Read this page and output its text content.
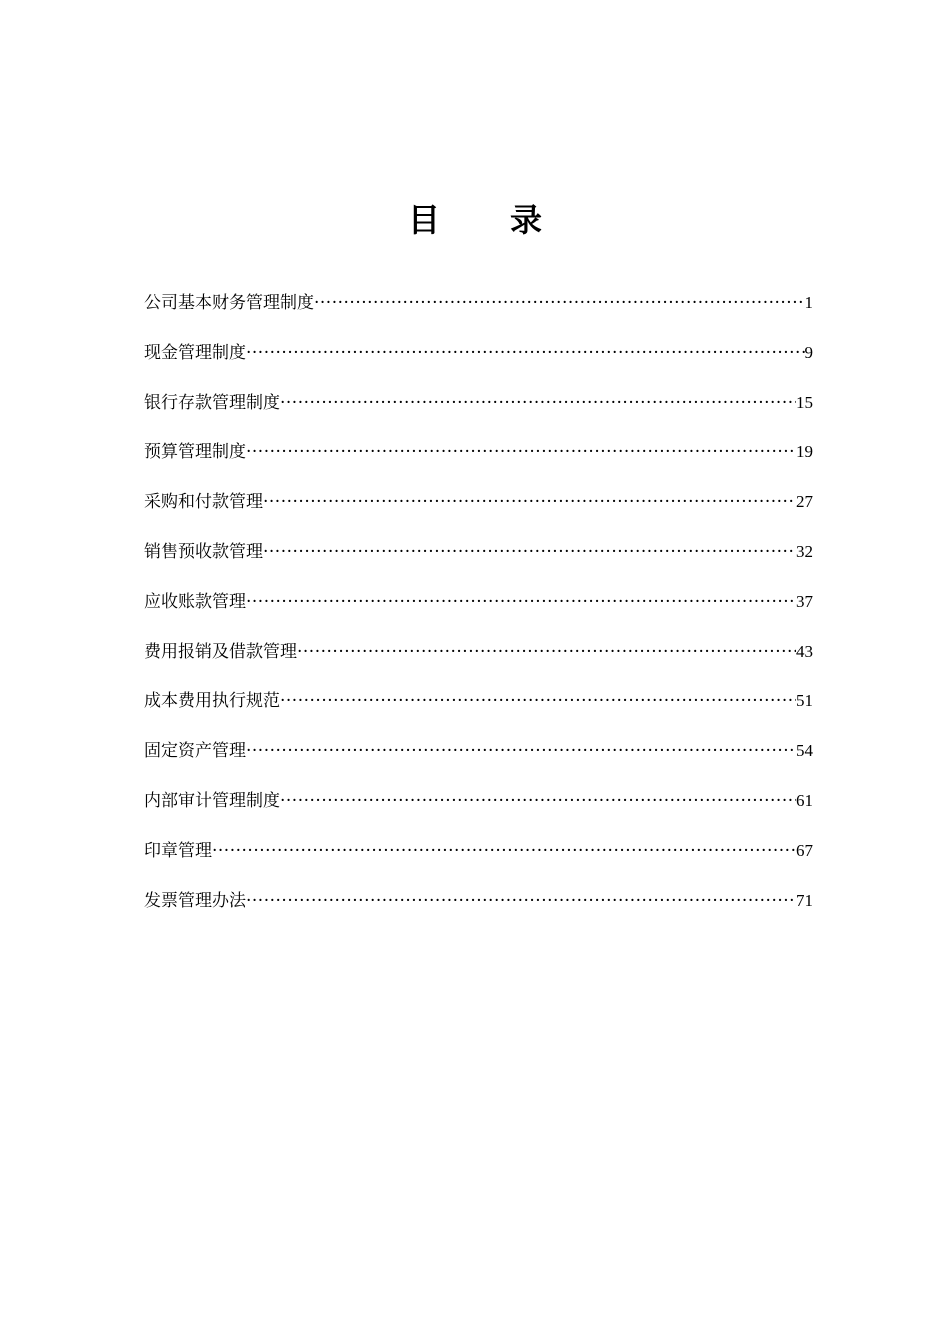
目 录
公司基本财务管理制度 ·····	1
现金管理制度 ·····	9
银行存款管理制度 ·····	15
预算管理制度 ·····	19
采购和付款管理 ·····	27
销售预收款管理 ·····	32
应收账款管理 ·····	37
费用报销及借款管理 ·····	43
成本费用执行规范 ·····	51
固定资产管理 ·····	54
内部审计管理制度 ·····	61
印章管理 ·····	67
发票管理办法 ·····	71
